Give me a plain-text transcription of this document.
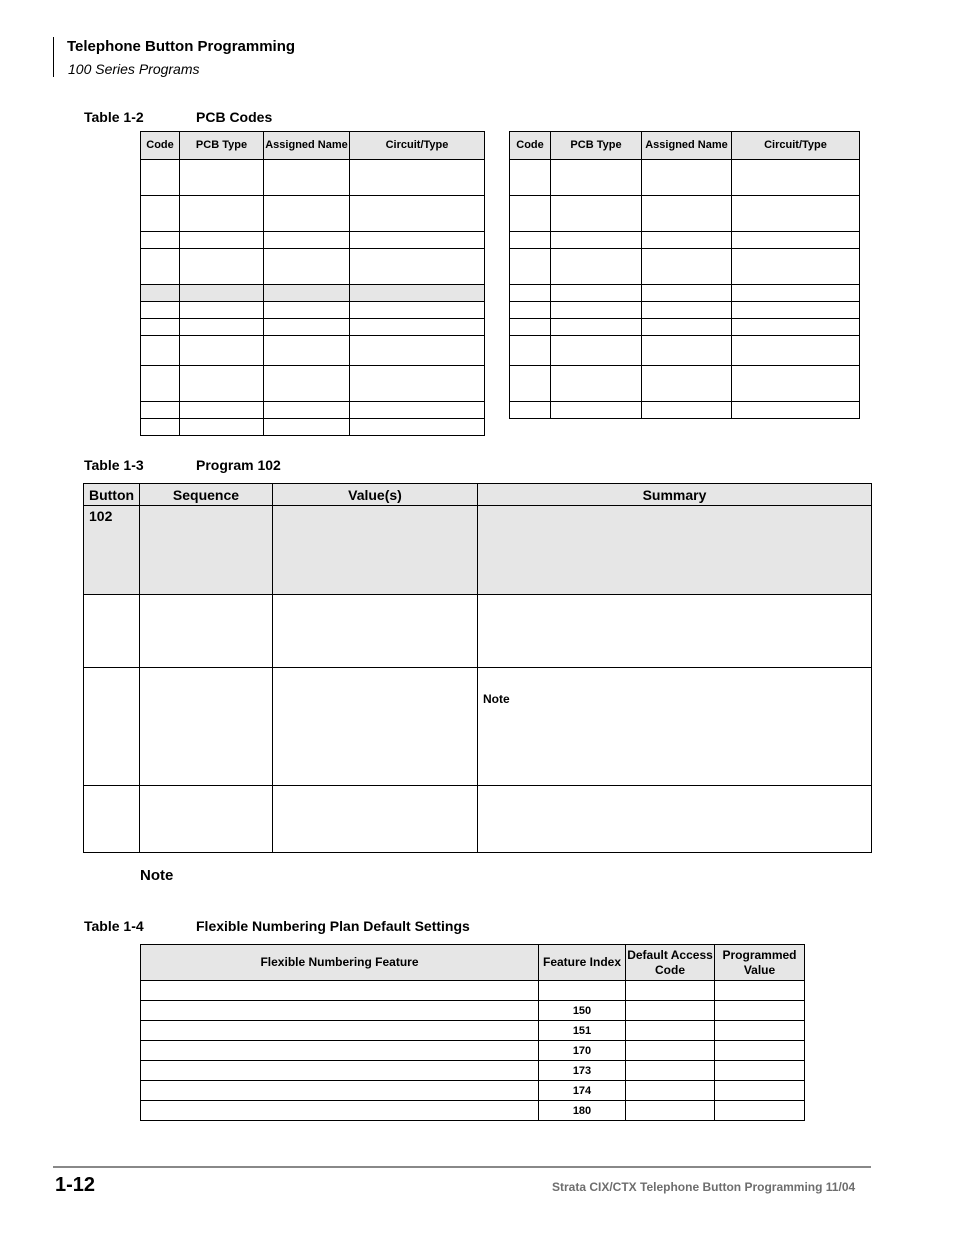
Telephone Button Programming
100 Series Programs
Table 1-2	PCB Codes
Code	PCB Type	Assigned Name	Circuit/Type

				Code	PCB Type	Assigned Name	Circuit/Type

Table 1-3	Program 102
Button	Sequence	Value(s)	Summary
102			

			Note

Note
Table 1-4	Flexible Numbering Plan Default Settings
Flexible Numbering Feature	Feature Index	Default Access Code	Programmed Value

	150		
	151		
	170		
	173		
	174		
	180		
1-12	Strata CIX/CTX Telephone Button Programming 11/04
